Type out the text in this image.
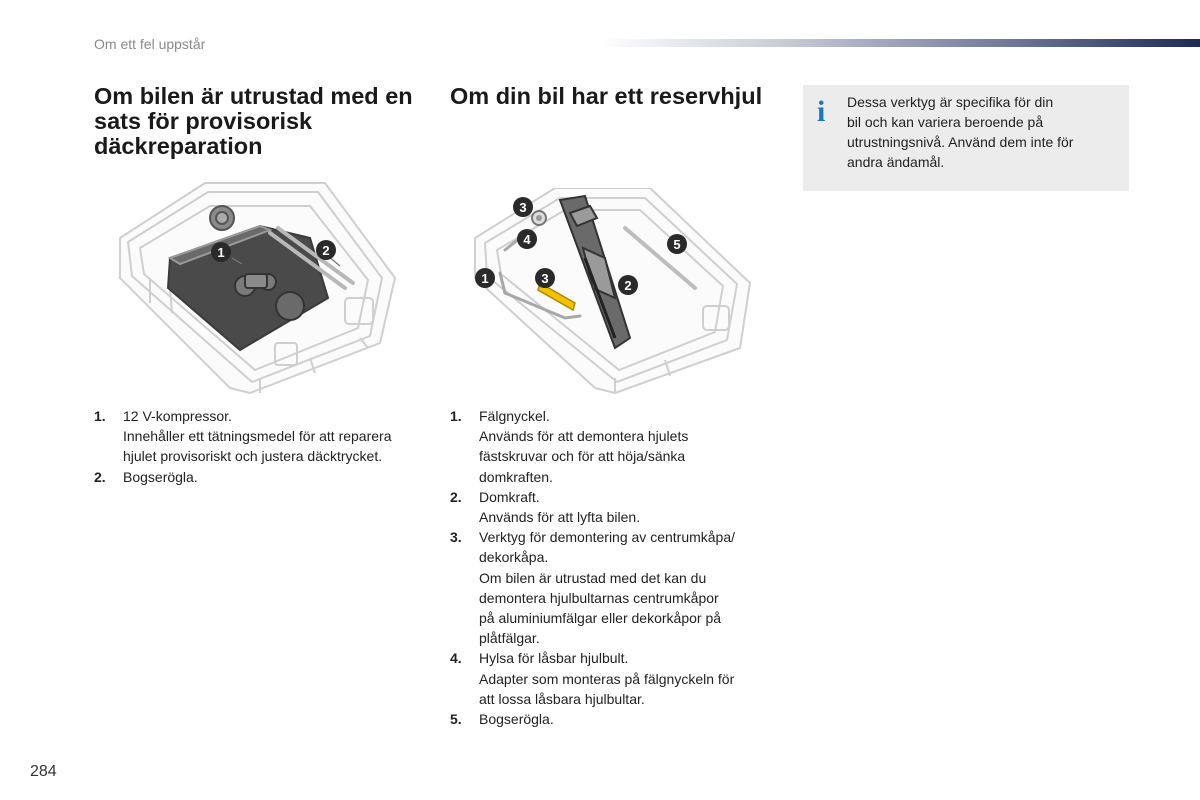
Om ett fel uppstår
Om bilen är utrustad med en sats för provisorisk däckreparation
Om din bil har ett reservhjul	i Dessa verktyg är specifika för din
bil och kan variera beroende på
utrustningsnivå. Använd dem inte för
andra ändamål.
1	2
3
4	5
1	3	2
1. 12 V-kompressor.
Innehåller ett tätningsmedel för att reparera
hjulet provisoriskt och justera däcktrycket.
2. Bogserögla.
1. Fälgnyckel.
Används för att demontera hjulets
fästskruvar och för att höja/sänka
domkraften.
2. Domkraft.
Används för att lyfta bilen.
3. Verktyg för demontering av centrumkåpa/
dekorkåpa.
Om bilen är utrustad med det kan du
demontera hjulbultarnas centrumkåpor
på aluminiumfälgar eller dekorkåpor på
plåtfälgar.
4. Hylsa för låsbar hjulbult.
Adapter som monteras på fälgnyckeln för
att lossa låsbara hjulbultar.
5. Bogserögla.
284
